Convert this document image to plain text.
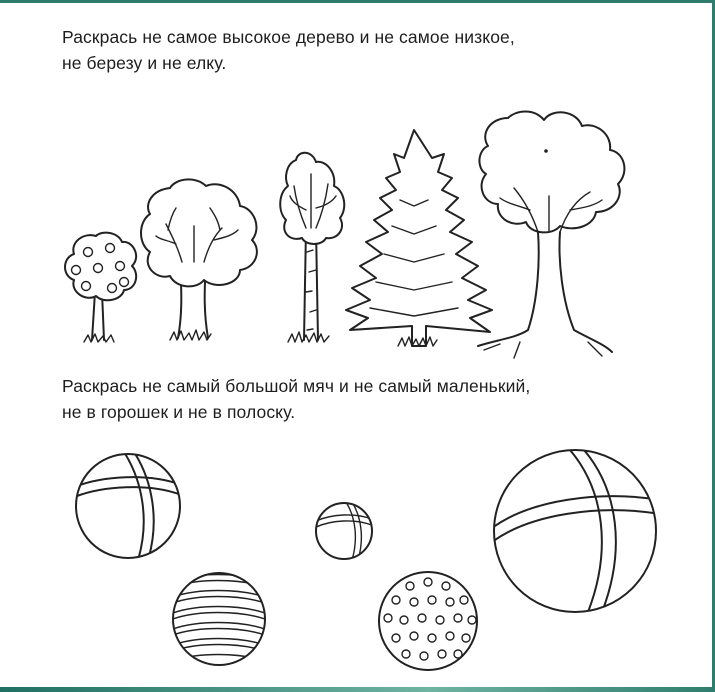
Раскрась не самое высокое дерево и не самое низкое,
не березу и не елку.

Раскрась не самый большой мяч и не самый маленький,
не в горошек и не в полоску.
